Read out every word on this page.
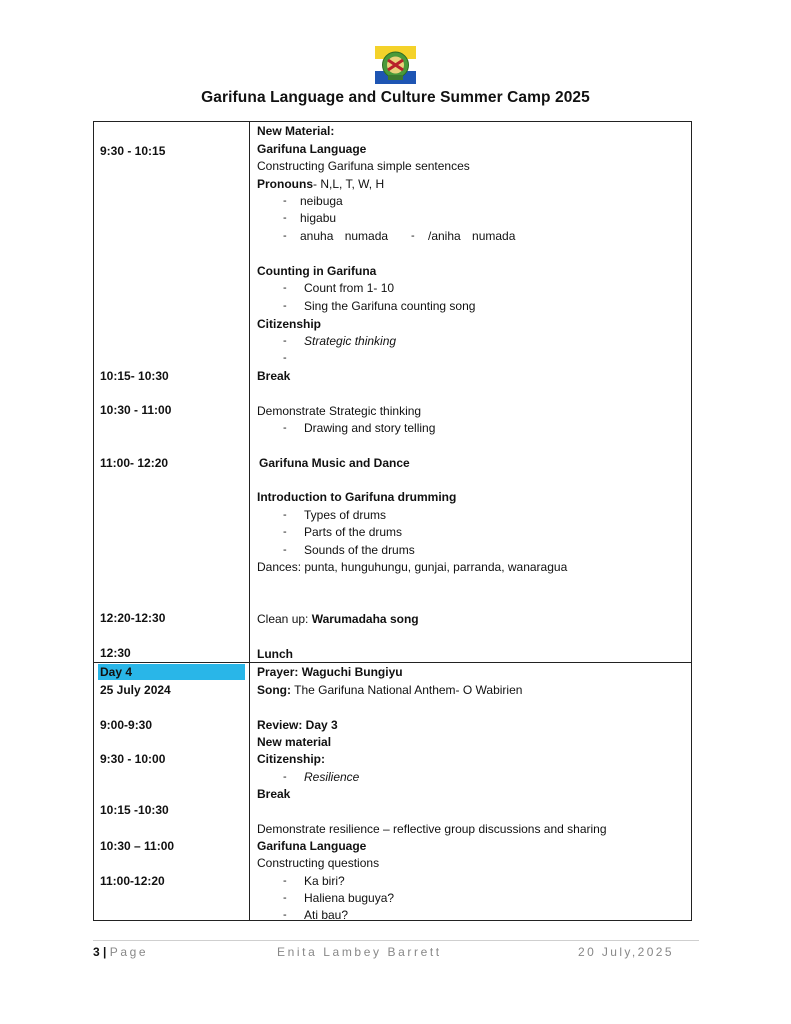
Garifuna Language and Culture Summer Camp 2025
9:30 - 10:15
10:15- 10:30
10:30 - 11:00
11:00- 12:20
12:20-12:30
12:30
Day 4
25 July 2024
9:00-9:30
9:30 - 10:00
10:15 -10:30
10:30 – 11:00
11:00-12:20
New Material:
Garifuna Language
Constructing Garifuna simple sentences
Pronouns- N,L, T, W, H
- neibuga
- higabu
- anuha numada - /aniha numada
Counting in Garifuna
- Count from 1- 10
- Sing the Garifuna counting song
Citizenship
- Strategic thinking
-
Break
Demonstrate Strategic thinking
- Drawing and story telling
Garifuna Music and Dance
Introduction to Garifuna drumming
- Types of drums
- Parts of the drums
- Sounds of the drums
Dances: punta, hunguhungu, gunjai, parranda, wanaragua
Clean up: Warumadaha song
Lunch
Prayer: Waguchi Bungiyu
Song: The Garifuna National Anthem- O Wabirien
Review: Day 3
New material
Citizenship:
- Resilience
Break
Demonstrate resilience – reflective group discussions and sharing
Garifuna Language
Constructing questions
- Ka biri?
- Haliena buguya?
- Ati bau?
3 | Page	Enita Lambey Barrett	20 July,2025
